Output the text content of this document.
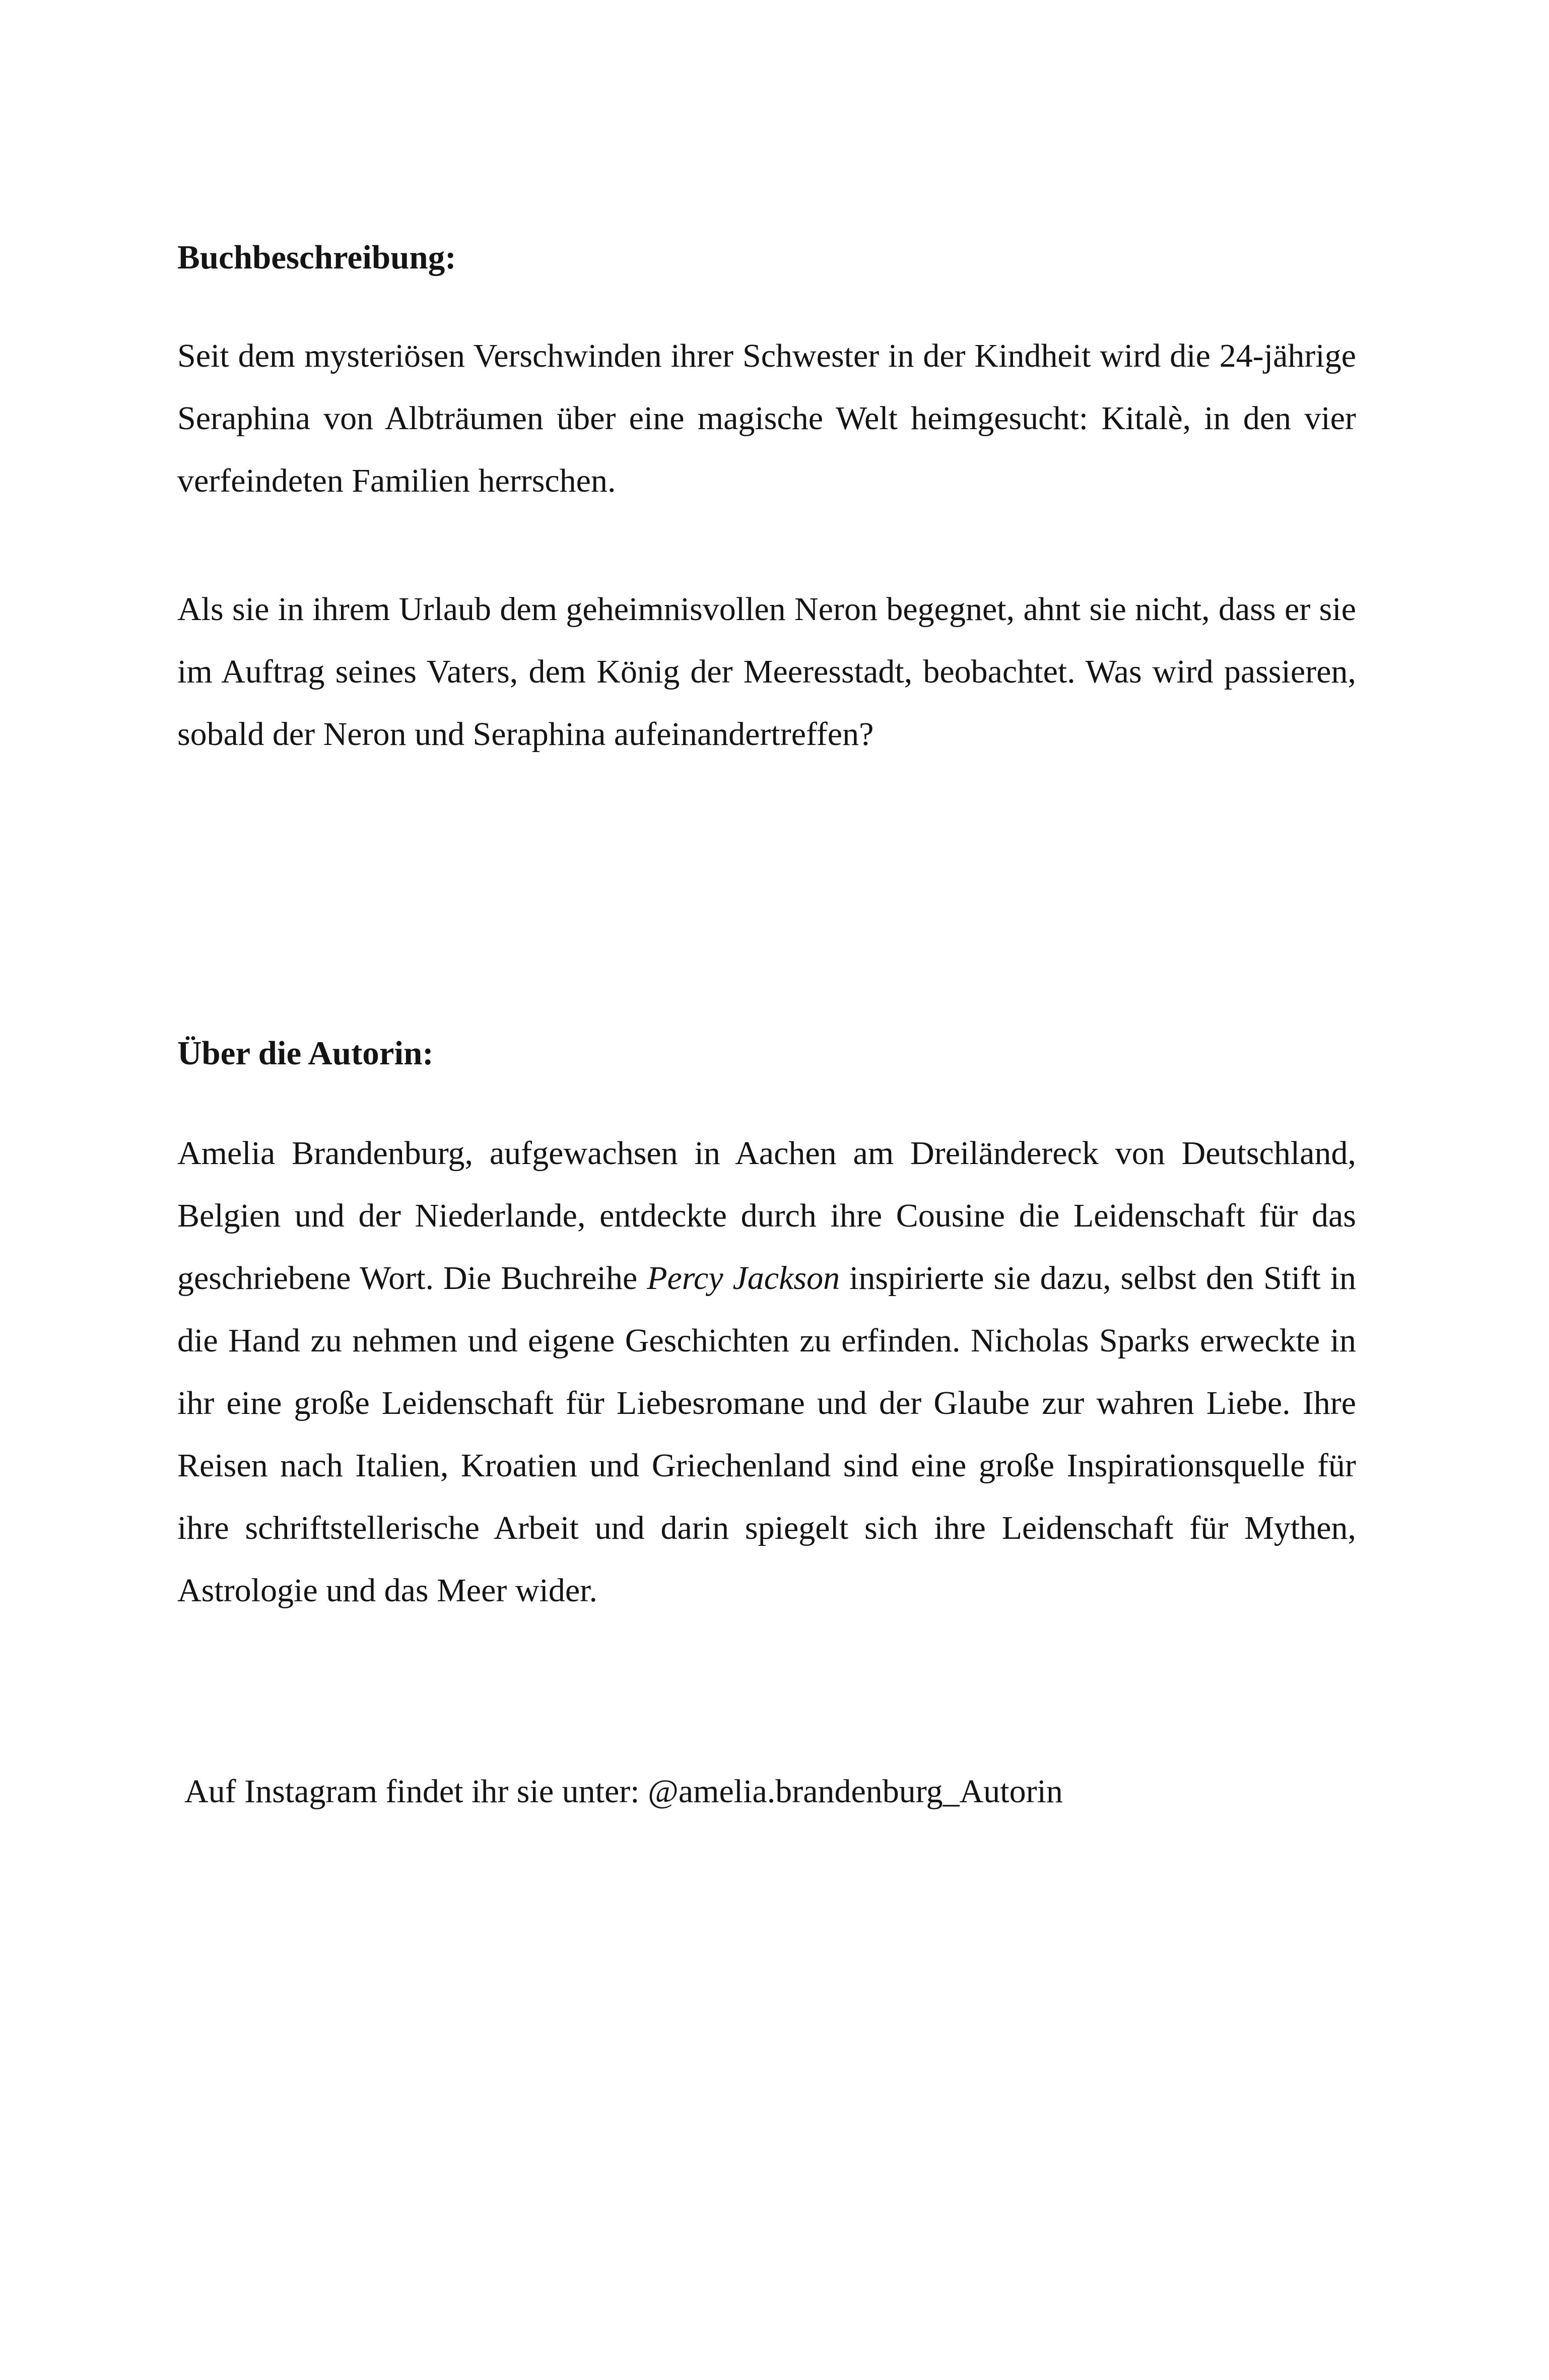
Buchbeschreibung:
Seit dem mysteriösen Verschwinden ihrer Schwester in der Kindheit wird die 24-jährige Seraphina von Albträumen über eine magische Welt heimgesucht: Kitalè, in den vier verfeindeten Familien herrschen.
Als sie in ihrem Urlaub dem geheimnisvollen Neron begegnet, ahnt sie nicht, dass er sie im Auftrag seines Vaters, dem König der Meeresstadt, beobachtet. Was wird passieren, sobald der Neron und Seraphina aufeinandertreffen?
Über die Autorin:

Amelia Brandenburg, aufgewachsen in Aachen am Dreiländereck von Deutschland, Belgien und der Niederlande, entdeckte durch ihre Cousine die Leidenschaft für das geschriebene Wort. Die Buchreihe Percy Jackson inspirierte sie dazu, selbst den Stift in die Hand zu nehmen und eigene Geschichten zu erfinden. Nicholas Sparks erweckte in ihr eine große Leidenschaft für Liebesromane und der Glaube zur wahren Liebe. Ihre Reisen nach Italien, Kroatien und Griechenland sind eine große Inspirationsquelle für ihre schriftstellerische Arbeit und darin spiegelt sich ihre Leidenschaft für Mythen, Astrologie und das Meer wider.

Auf Instagram findet ihr sie unter: @amelia.brandenburg_Autorin
